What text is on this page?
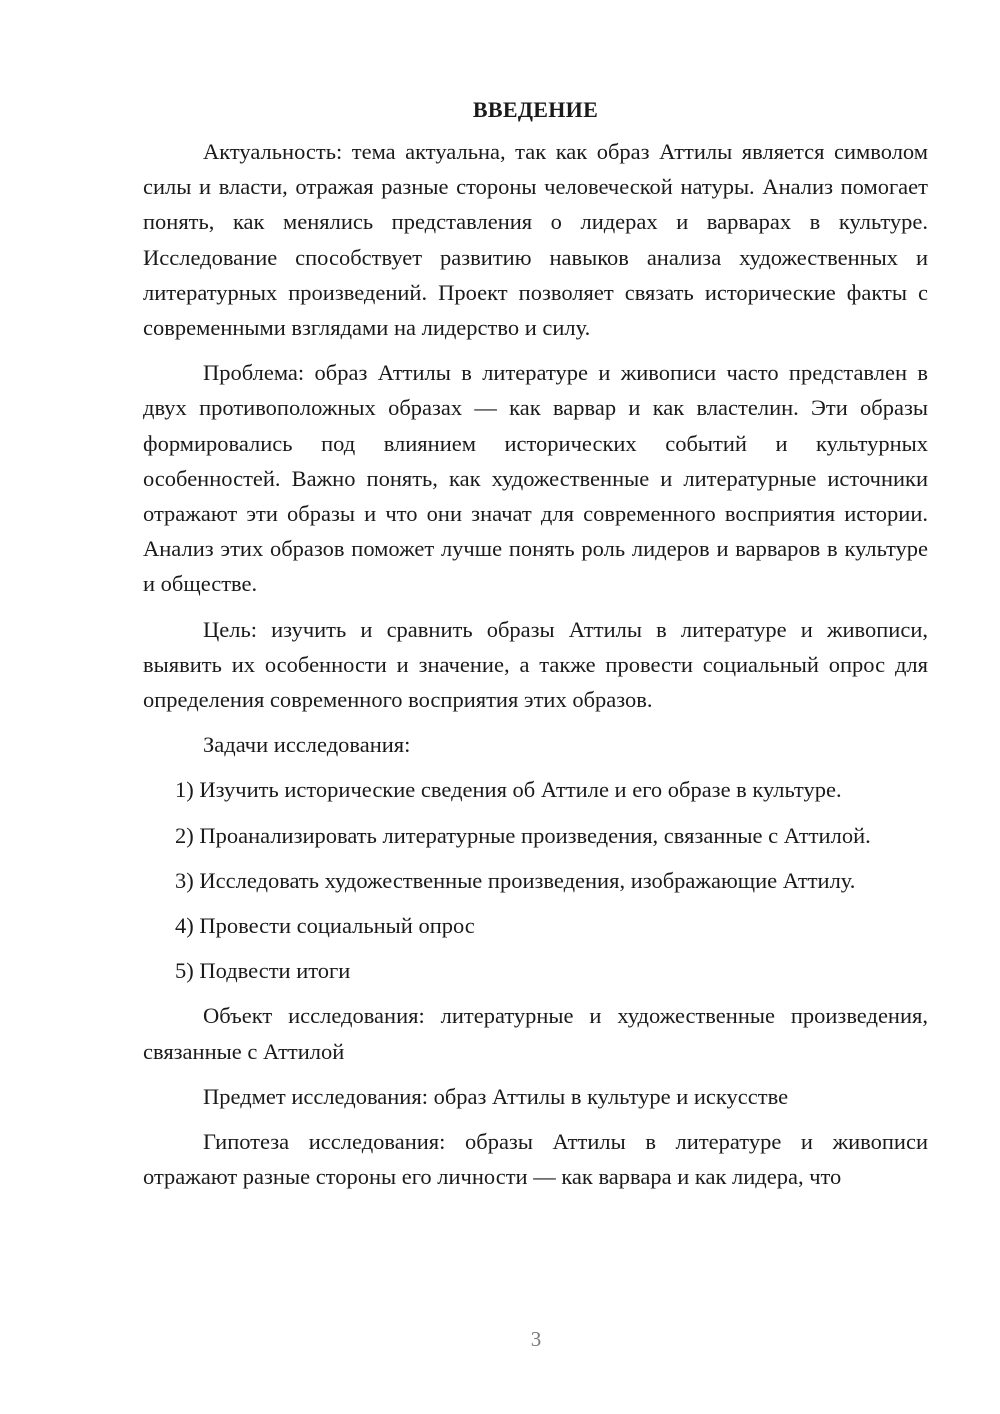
ВВЕДЕНИЕ

Актуальность: тема актуальна, так как образ Аттилы является символом силы и власти, отражая разные стороны человеческой натуры. Анализ помогает понять, как менялись представления о лидерах и варварах в культуре. Исследование способствует развитию навыков анализа художественных и литературных произведений. Проект позволяет связать исторические факты с современными взглядами на лидерство и силу.

Проблема: образ Аттилы в литературе и живописи часто представлен в двух противоположных образах — как варвар и как властелин. Эти образы формировались под влиянием исторических событий и культурных особенностей. Важно понять, как художественные и литературные источники отражают эти образы и что они значат для современного восприятия истории. Анализ этих образов поможет лучше понять роль лидеров и варваров в культуре и обществе.

Цель: изучить и сравнить образы Аттилы в литературе и живописи, выявить их особенности и значение, а также провести социальный опрос для определения современного восприятия этих образов.

Задачи исследования:

1) Изучить исторические сведения об Аттиле и его образе в культуре.

2) Проанализировать литературные произведения, связанные с Аттилой.

3) Исследовать художественные произведения, изображающие Аттилу.

4) Провести социальный опрос

5) Подвести итоги

Объект исследования: литературные и художественные произведения, связанные с Аттилой

Предмет исследования: образ Аттилы в культуре и искусстве

Гипотеза исследования: образы Аттилы в литературе и живописи отражают разные стороны его личности — как варвара и как лидера, что

3
